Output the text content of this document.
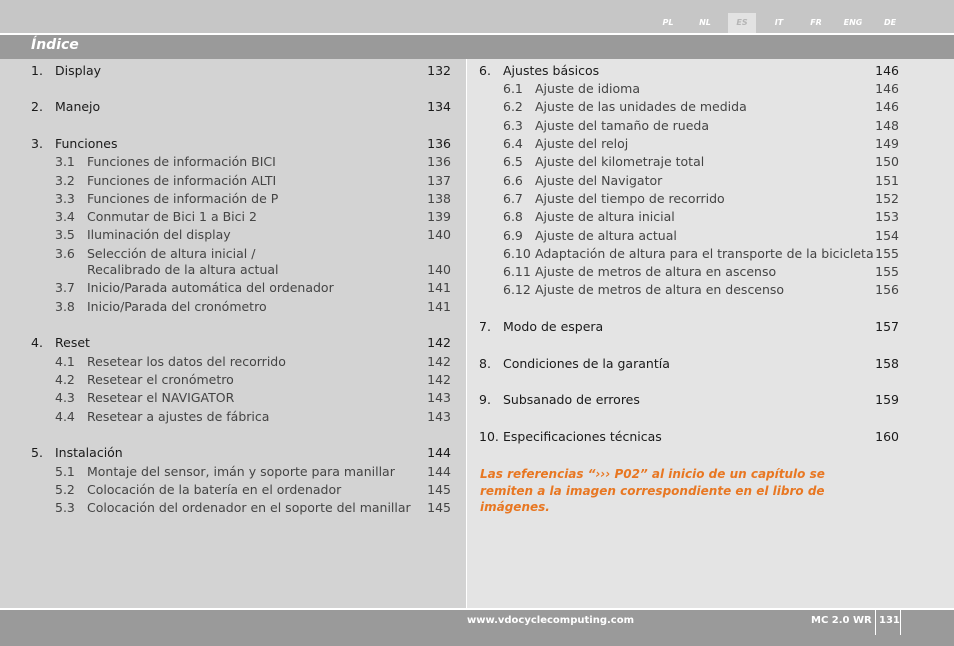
PL	NL	ES	IT	FR	ENG	DE
Índice
1. Display	132
2. Manejo	134
3. Funciones	136
3.1 Funciones de información BICI	136
3.2 Funciones de información ALTI	137
3.3 Funciones de información de P	138
3.4 Conmutar de Bici 1 a Bici 2	139
3.5 Iluminación del display	140
3.6 Selección de altura inicial /
Recalibrado de la altura actual	140
3.7 Inicio/Parada automática del ordenador	141
3.8 Inicio/Parada del cronómetro	141
4. Reset	142
4.1 Resetear los datos del recorrido	142
4.2 Resetear el cronómetro	142
4.3 Resetear el NAVIGATOR	143
4.4 Resetear a ajustes de fábrica	143
5. Instalación	144
5.1 Montaje del sensor, imán y soporte para manillar	144
5.2 Colocación de la batería en el ordenador	145
5.3 Colocación del ordenador en el soporte del manillar 145
6. Ajustes básicos	146
6.1 Ajuste de idioma	146
6.2 Ajuste de las unidades de medida	146
6.3 Ajuste del tamaño de rueda	148
6.4 Ajuste del reloj	149
6.5 Ajuste del kilometraje total	150
6.6 Ajuste del Navigator	151
6.7 Ajuste del tiempo de recorrido	152
6.8 Ajuste de altura inicial	153
6.9 Ajuste de altura actual	154
6.10 Adaptación de altura para el transporte de la bicicleta 155
6.11 Ajuste de metros de altura en ascenso	155
6.12 Ajuste de metros de altura en descenso	156
7. Modo de espera	157
8. Condiciones de la garantía	158
9. Subsanado de errores	159
10. Especificaciones técnicas	160
Las referencias “››› P02” al inicio de un capítulo se remiten a la imagen correspondiente en el libro de imágenes.
www.vdocyclecomputing.com	MC 2.0 WR 131
